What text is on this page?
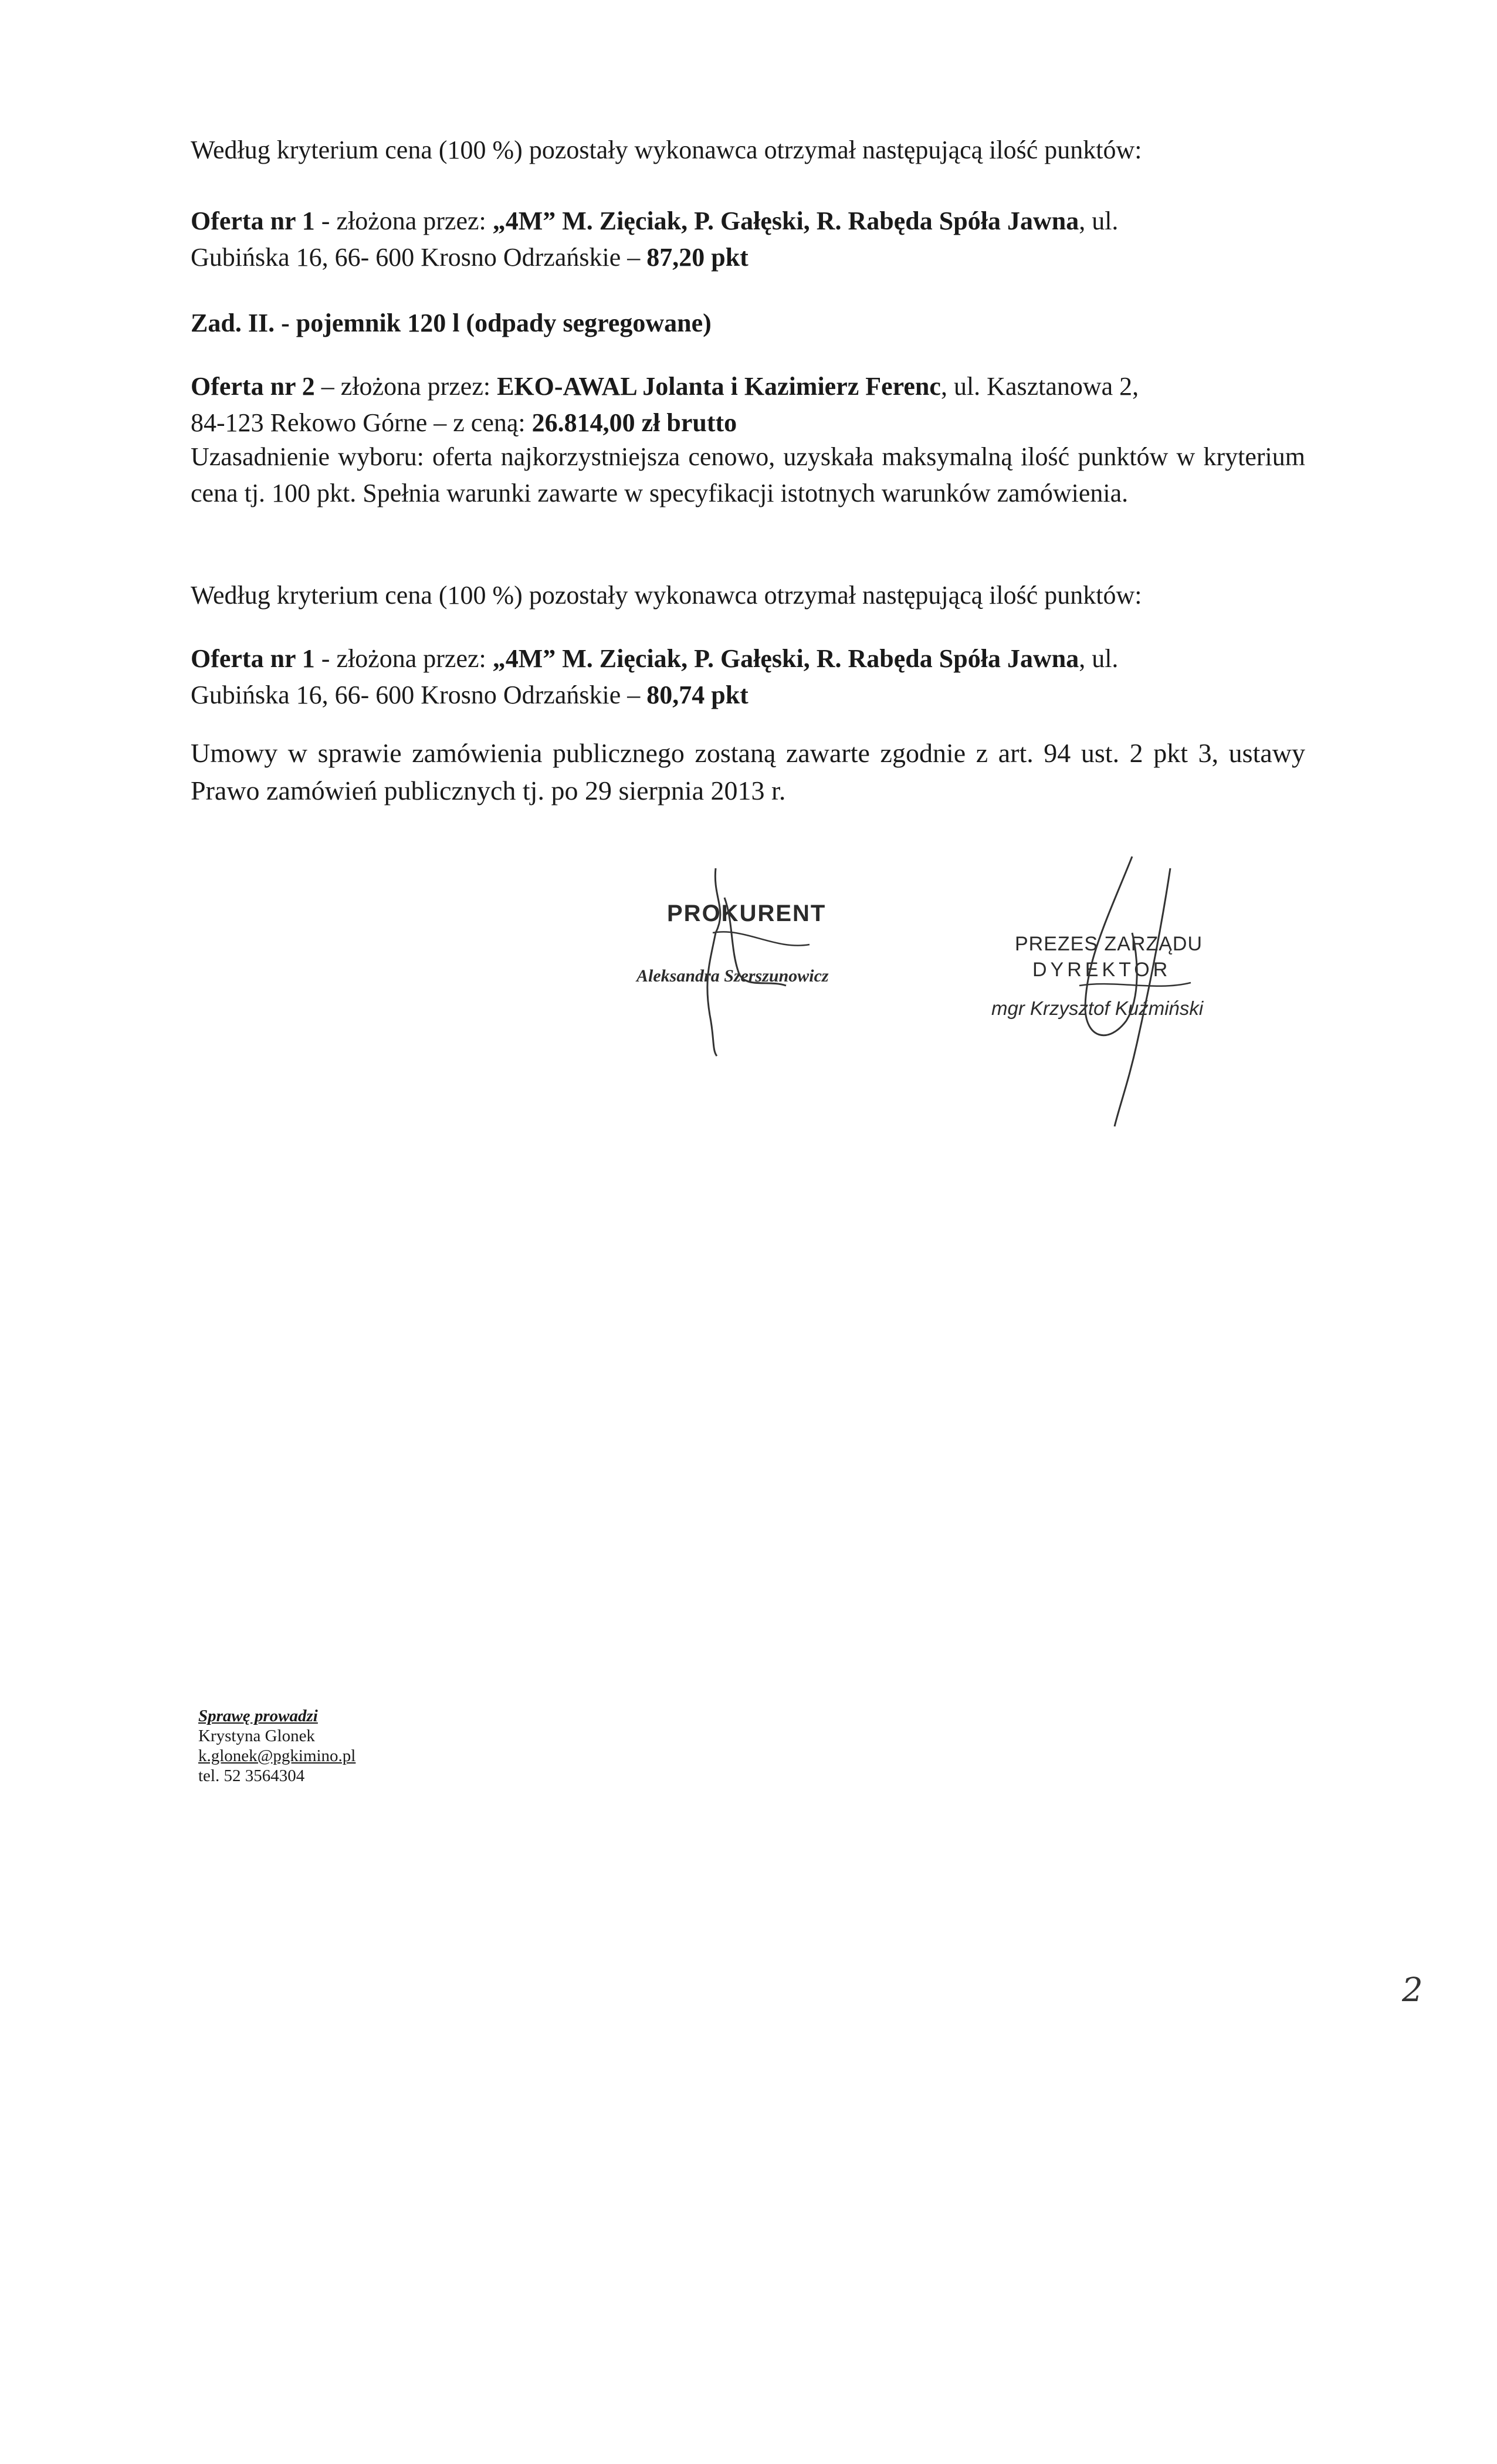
Według kryterium cena (100 %) pozostały wykonawca otrzymał następującą ilość punktów:

Oferta nr 1 - złożona przez: „4M” M. Zięciak, P. Gałęski, R. Rabęda Spóła Jawna, ul.
Gubińska 16, 66- 600 Krosno Odrzańskie – 87,20 pkt

Zad. II. - pojemnik 120 l (odpady segregowane)

Oferta nr 2 – złożona przez: EKO-AWAL Jolanta i Kazimierz Ferenc, ul. Kasztanowa 2,
84-123 Rekowo Górne – z ceną: 26.814,00 zł brutto

Uzasadnienie wyboru: oferta najkorzystniejsza cenowo, uzyskała maksymalną ilość punktów w kryterium cena tj. 100 pkt. Spełnia warunki zawarte w specyfikacji istotnych warunków zamówienia.

Według kryterium cena (100 %) pozostały wykonawca otrzymał następującą ilość punktów:

Oferta nr 1 - złożona przez: „4M” M. Zięciak, P. Gałęski, R. Rabęda Spóła Jawna, ul.
Gubińska 16, 66- 600 Krosno Odrzańskie – 80,74 pkt

Umowy w sprawie zamówienia publicznego zostaną zawarte zgodnie z art. 94 ust. 2 pkt 3, ustawy Prawo zamówień publicznych tj. po 29 sierpnia 2013 r.

PROKURENT
Aleksandra Szerszunowicz
PREZES ZARZĄDU
DYREKTOR
mgr Krzysztof Kuźmiński
Sprawę prowadzi
Krystyna Glonek
k.glonek@pgkimino.pl
tel. 52 3564304
2
